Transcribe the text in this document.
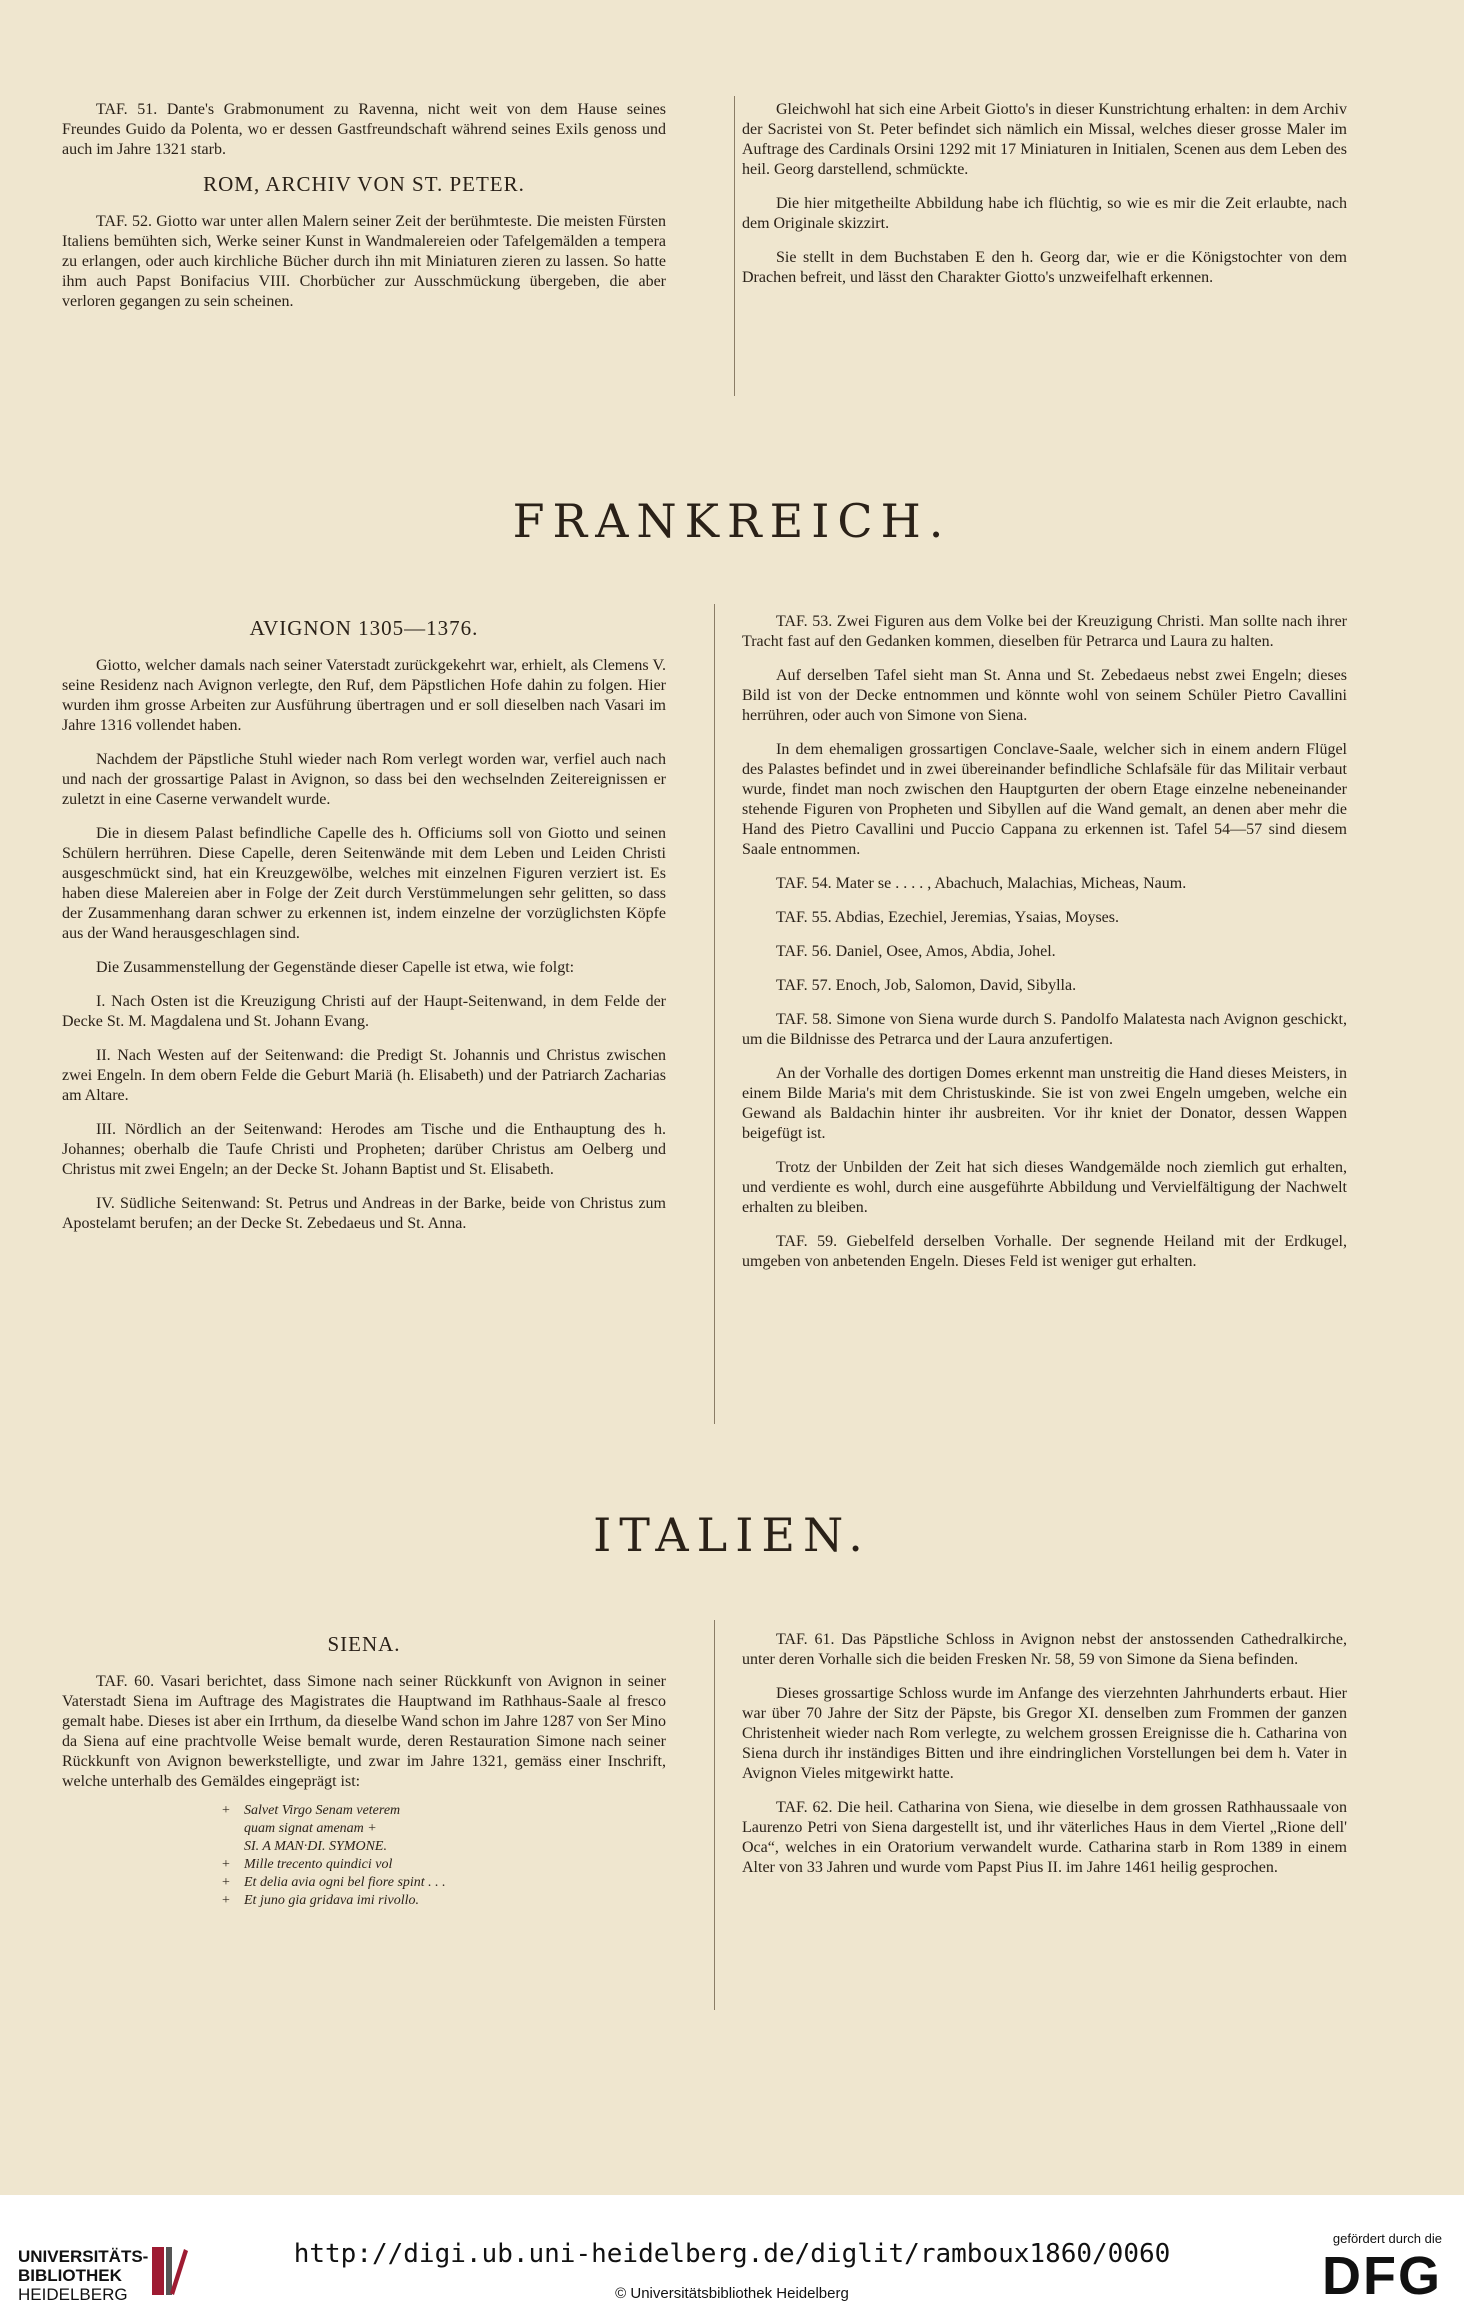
TAF. 51. Dante's Grabmonument zu Ravenna, nicht weit von dem Hause seines Freundes Guido da Polenta, wo er dessen Gastfreundschaft während seines Exils genoss und auch im Jahre 1321 starb.

ROM, ARCHIV VON ST. PETER.

TAF. 52. Giotto war unter allen Malern seiner Zeit der berühmteste. Die meisten Fürsten Italiens bemühten sich, Werke seiner Kunst in Wandmalereien oder Tafelgemälden a tempera zu erlangen, oder auch kirchliche Bücher durch ihn mit Miniaturen zieren zu lassen. So hatte ihm auch Papst Bonifacius VIII. Chorbücher zur Ausschmückung übergeben, die aber verloren gegangen zu sein scheinen.

Gleichwohl hat sich eine Arbeit Giotto's in dieser Kunstrichtung erhalten: in dem Archiv der Sacristei von St. Peter befindet sich nämlich ein Missal, welches dieser grosse Maler im Auftrage des Cardinals Orsini 1292 mit 17 Miniaturen in Initialen, Scenen aus dem Leben des heil. Georg darstellend, schmückte.

Die hier mitgetheilte Abbildung habe ich flüchtig, so wie es mir die Zeit erlaubte, nach dem Originale skizzirt.

Sie stellt in dem Buchstaben E den h. Georg dar, wie er die Königstochter von dem Drachen befreit, und lässt den Charakter Giotto's unzweifelhaft erkennen.

FRANKREICH.
AVIGNON 1305—1376.

Giotto, welcher damals nach seiner Vaterstadt zurückgekehrt war, erhielt, als Clemens V. seine Residenz nach Avignon verlegte, den Ruf, dem Päpstlichen Hofe dahin zu folgen. Hier wurden ihm grosse Arbeiten zur Ausführung übertragen und er soll dieselben nach Vasari im Jahre 1316 vollendet haben.

Nachdem der Päpstliche Stuhl wieder nach Rom verlegt worden war, verfiel auch nach und nach der grossartige Palast in Avignon, so dass bei den wechselnden Zeitereignissen er zuletzt in eine Caserne verwandelt wurde.

Die in diesem Palast befindliche Capelle des h. Officiums soll von Giotto und seinen Schülern herrühren. Diese Capelle, deren Seitenwände mit dem Leben und Leiden Christi ausgeschmückt sind, hat ein Kreuzgewölbe, welches mit einzelnen Figuren verziert ist. Es haben diese Malereien aber in Folge der Zeit durch Verstümmelungen sehr gelitten, so dass der Zusammenhang daran schwer zu erkennen ist, indem einzelne der vorzüglichsten Köpfe aus der Wand herausgeschlagen sind.

Die Zusammenstellung der Gegenstände dieser Capelle ist etwa, wie folgt:

I. Nach Osten ist die Kreuzigung Christi auf der Haupt-Seitenwand, in dem Felde der Decke St. M. Magdalena und St. Johann Evang.

II. Nach Westen auf der Seitenwand: die Predigt St. Johannis und Christus zwischen zwei Engeln. In dem obern Felde die Geburt Mariä (h. Elisabeth) und der Patriarch Zacharias am Altare.

III. Nördlich an der Seitenwand: Herodes am Tische und die Enthauptung des h. Johannes; oberhalb die Taufe Christi und Propheten; darüber Christus am Oelberg und Christus mit zwei Engeln; an der Decke St. Johann Baptist und St. Elisabeth.

IV. Südliche Seitenwand: St. Petrus und Andreas in der Barke, beide von Christus zum Apostelamt berufen; an der Decke St. Zebedaeus und St. Anna.

TAF. 53. Zwei Figuren aus dem Volke bei der Kreuzigung Christi. Man sollte nach ihrer Tracht fast auf den Gedanken kommen, dieselben für Petrarca und Laura zu halten.

Auf derselben Tafel sieht man St. Anna und St. Zebedaeus nebst zwei Engeln; dieses Bild ist von der Decke entnommen und könnte wohl von seinem Schüler Pietro Cavallini herrühren, oder auch von Simone von Siena.

In dem ehemaligen grossartigen Conclave-Saale, welcher sich in einem andern Flügel des Palastes befindet und in zwei übereinander befindliche Schlafsäle für das Militair verbaut wurde, findet man noch zwischen den Hauptgurten der obern Etage einzelne nebeneinander stehende Figuren von Propheten und Sibyllen auf die Wand gemalt, an denen aber mehr die Hand des Pietro Cavallini und Puccio Cappana zu erkennen ist. Tafel 54—57 sind diesem Saale entnommen.

TAF. 54. Mater se . . . . , Abachuch, Malachias, Micheas, Naum.

TAF. 55. Abdias, Ezechiel, Jeremias, Ysaias, Moyses.

TAF. 56. Daniel, Osee, Amos, Abdia, Johel.

TAF. 57. Enoch, Job, Salomon, David, Sibylla.

TAF. 58. Simone von Siena wurde durch S. Pandolfo Malatesta nach Avignon geschickt, um die Bildnisse des Petrarca und der Laura anzufertigen.

An der Vorhalle des dortigen Domes erkennt man unstreitig die Hand dieses Meisters, in einem Bilde Maria's mit dem Christuskinde. Sie ist von zwei Engeln umgeben, welche ein Gewand als Baldachin hinter ihr ausbreiten. Vor ihr kniet der Donator, dessen Wappen beigefügt ist.

Trotz der Unbilden der Zeit hat sich dieses Wandgemälde noch ziemlich gut erhalten, und verdiente es wohl, durch eine ausgeführte Abbildung und Vervielfältigung der Nachwelt erhalten zu bleiben.

TAF. 59. Giebelfeld derselben Vorhalle. Der segnende Heiland mit der Erdkugel, umgeben von anbetenden Engeln. Dieses Feld ist weniger gut erhalten.

ITALIEN.
SIENA.

TAF. 60. Vasari berichtet, dass Simone nach seiner Rückkunft von Avignon in seiner Vaterstadt Siena im Auftrage des Magistrates die Hauptwand im Rathhaus-Saale al fresco gemalt habe. Dieses ist aber ein Irrthum, da dieselbe Wand schon im Jahre 1287 von Ser Mino da Siena auf eine prachtvolle Weise bemalt wurde, deren Restauration Simone nach seiner Rückkunft von Avignon bewerkstelligte, und zwar im Jahre 1321, gemäss einer Inschrift, welche unterhalb des Gemäldes eingeprägt ist:

+ Salvet Virgo Senam veterem
quam signat amenam +
SI. A MAN·DI. SYMONE.
+ Mille trecento quindici vol
+ Et delia avia ogni bel fiore spint . . .
+ Et juno gia gridava imi rivollo.

TAF. 61. Das Päpstliche Schloss in Avignon nebst der anstossenden Cathedralkirche, unter deren Vorhalle sich die beiden Fresken Nr. 58, 59 von Simone da Siena befinden.

Dieses grossartige Schloss wurde im Anfange des vierzehnten Jahrhunderts erbaut. Hier war über 70 Jahre der Sitz der Päpste, bis Gregor XI. denselben zum Frommen der ganzen Christenheit wieder nach Rom verlegte, zu welchem grossen Ereignisse die h. Catharina von Siena durch ihr inständiges Bitten und ihre eindringlichen Vorstellungen bei dem h. Vater in Avignon Vieles mitgewirkt hatte.

TAF. 62. Die heil. Catharina von Siena, wie dieselbe in dem grossen Rathhaussaale von Laurenzo Petri von Siena dargestellt ist, und ihr väterliches Haus in dem Viertel „Rione dell' Oca“, welches in ein Oratorium verwandelt wurde. Catharina starb in Rom 1389 in einem Alter von 33 Jahren und wurde vom Papst Pius II. im Jahre 1461 heilig gesprochen.

UNIVERSITÄTS-
BIBLIOTHEK
HEIDELBERG
http://digi.ub.uni-heidelberg.de/diglit/ramboux1860/0060
© Universitätsbibliothek Heidelberg
gefördert durch die
DFG
